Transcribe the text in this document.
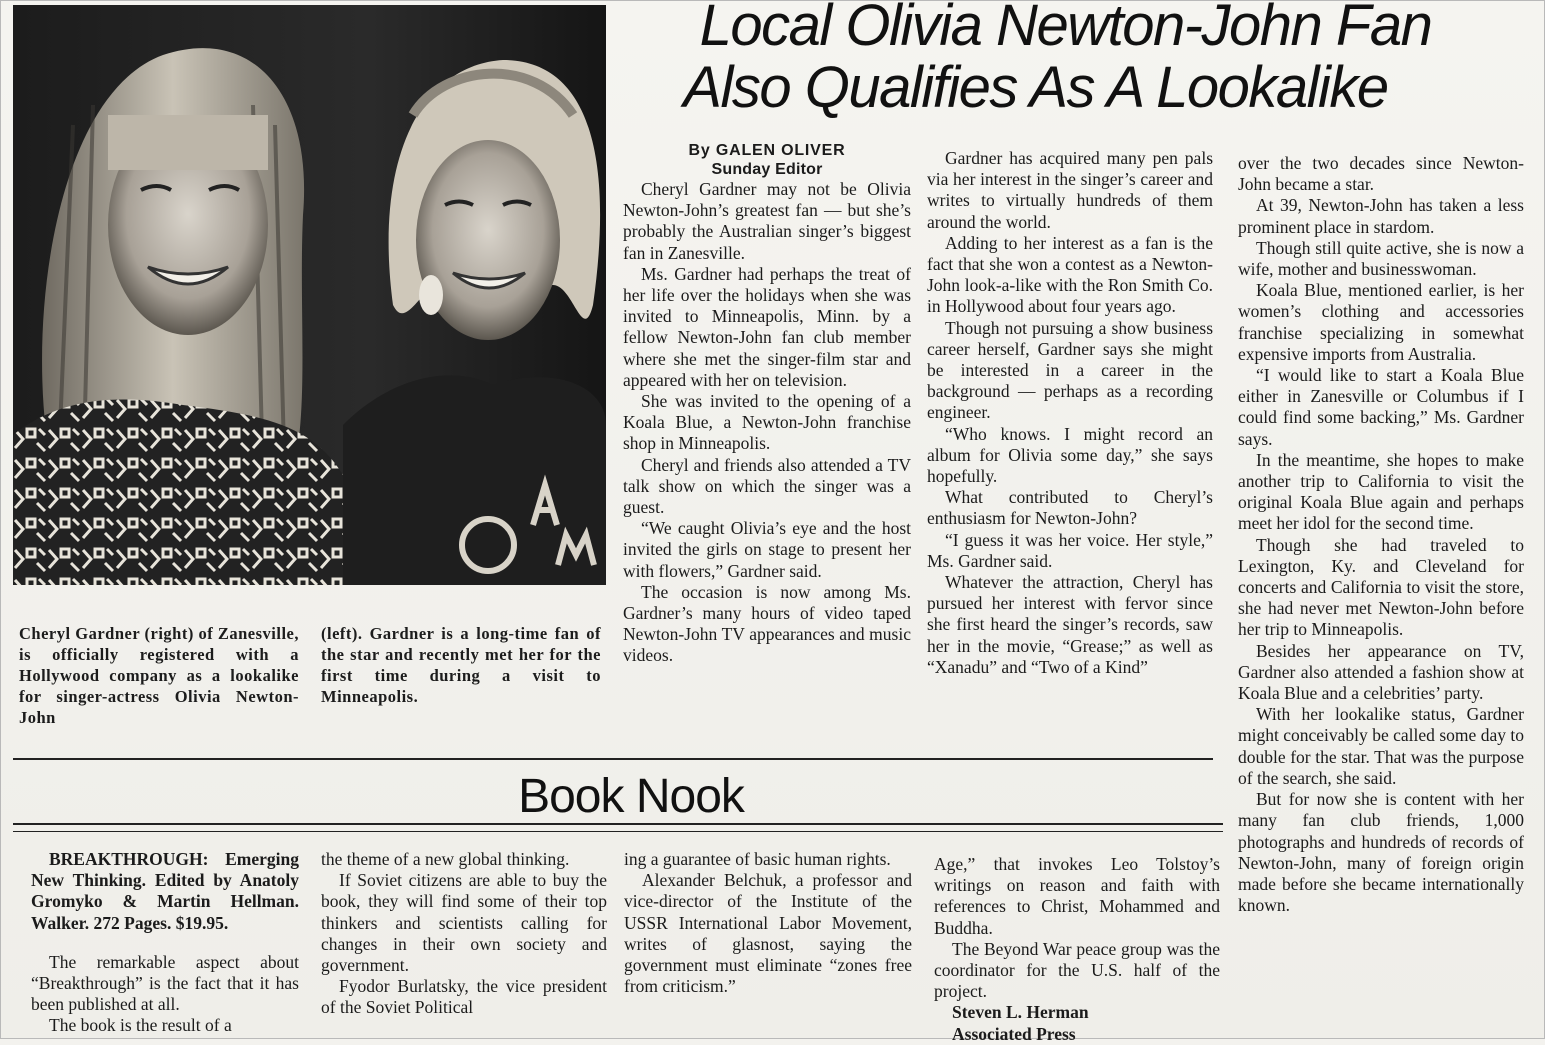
Local Olivia Newton-John Fan
Also Qualifies As A Lookalike
By GALEN OLIVER
Sunday Editor

Cheryl Gardner may not be Olivia Newton-John’s greatest fan — but she’s probably the Australian singer’s biggest fan in Zanesville.

Ms. Gardner had perhaps the treat of her life over the holidays when she was invited to Minneapolis, Minn. by a fellow Newton-John fan club member where she met the singer-film star and appeared with her on television.

She was invited to the opening of a Koala Blue, a Newton-John franchise shop in Minneapolis.

Cheryl and friends also attended a TV talk show on which the singer was a guest.

“We caught Olivia’s eye and the host invited the girls on stage to present her with flowers,” Gardner said.

The occasion is now among Ms. Gardner’s many hours of video taped Newton-John TV appearances and music videos.

Gardner has acquired many pen pals via her interest in the singer’s career and writes to virtually hundreds of them around the world.

Adding to her interest as a fan is the fact that she won a contest as a Newton-John look-a-like with the Ron Smith Co. in Hollywood about four years ago.

Though not pursuing a show business career herself, Gardner says she might be interested in a career in the background — perhaps as a recording engineer.

“Who knows. I might record an album for Olivia some day,” she says hopefully.

What contributed to Cheryl’s enthusiasm for Newton-John?

“I guess it was her voice. Her style,” Ms. Gardner said.

Whatever the attraction, Cheryl has pursued her interest with fervor since she first heard the singer’s records, saw her in the movie, “Grease;” as well as “Xanadu” and “Two of a Kind”

over the two decades since Newton-John became a star.

At 39, Newton-John has taken a less prominent place in stardom.

Though still quite active, she is now a wife, mother and businesswoman.

Koala Blue, mentioned earlier, is her women’s clothing and accessories franchise specializing in somewhat expensive imports from Australia.

“I would like to start a Koala Blue either in Zanesville or Columbus if I could find some backing,” Ms. Gardner says.

In the meantime, she hopes to make another trip to California to visit the original Koala Blue again and perhaps meet her idol for the second time.

Though she had traveled to Lexington, Ky. and Cleveland for concerts and California to visit the store, she had never met Newton-John before her trip to Minneapolis.

Besides her appearance on TV, Gardner also attended a fashion show at Koala Blue and a celebrities’ party.

With her lookalike status, Gardner might conceivably be called some day to double for the star. That was the purpose of the search, she said.

But for now she is content with her many fan club friends, 1,000 photographs and hundreds of records of Newton-John, many of foreign origin made before she became internationally known.

Cheryl Gardner (right) of Zanesville, is officially registered with a Hollywood company as a lookalike for singer-actress Olivia Newton-John
(left). Gardner is a long-time fan of the star and recently met her for the first time during a visit to Minneapolis.
Book Nook

BREAKTHROUGH: Emerging New Thinking. Edited by Anatoly Gromyko & Martin Hellman. Walker. 272 Pages. $19.95.

The remarkable aspect about “Breakthrough” is the fact that it has been published at all.

The book is the result of a

the theme of a new global thinking.

If Soviet citizens are able to buy the book, they will find some of their top thinkers and scientists calling for changes in their own society and government.

Fyodor Burlatsky, the vice president of the Soviet Political

ing a guarantee of basic human rights.

Alexander Belchuk, a professor and vice-director of the Institute of the USSR International Labor Movement, writes of glasnost, saying the government must eliminate “zones free from criticism.”

Age,” that invokes Leo Tolstoy’s writings on reason and faith with references to Christ, Mohammed and Buddha.

The Beyond War peace group was the coordinator for the U.S. half of the project.

Steven L. Herman

Associated Press
